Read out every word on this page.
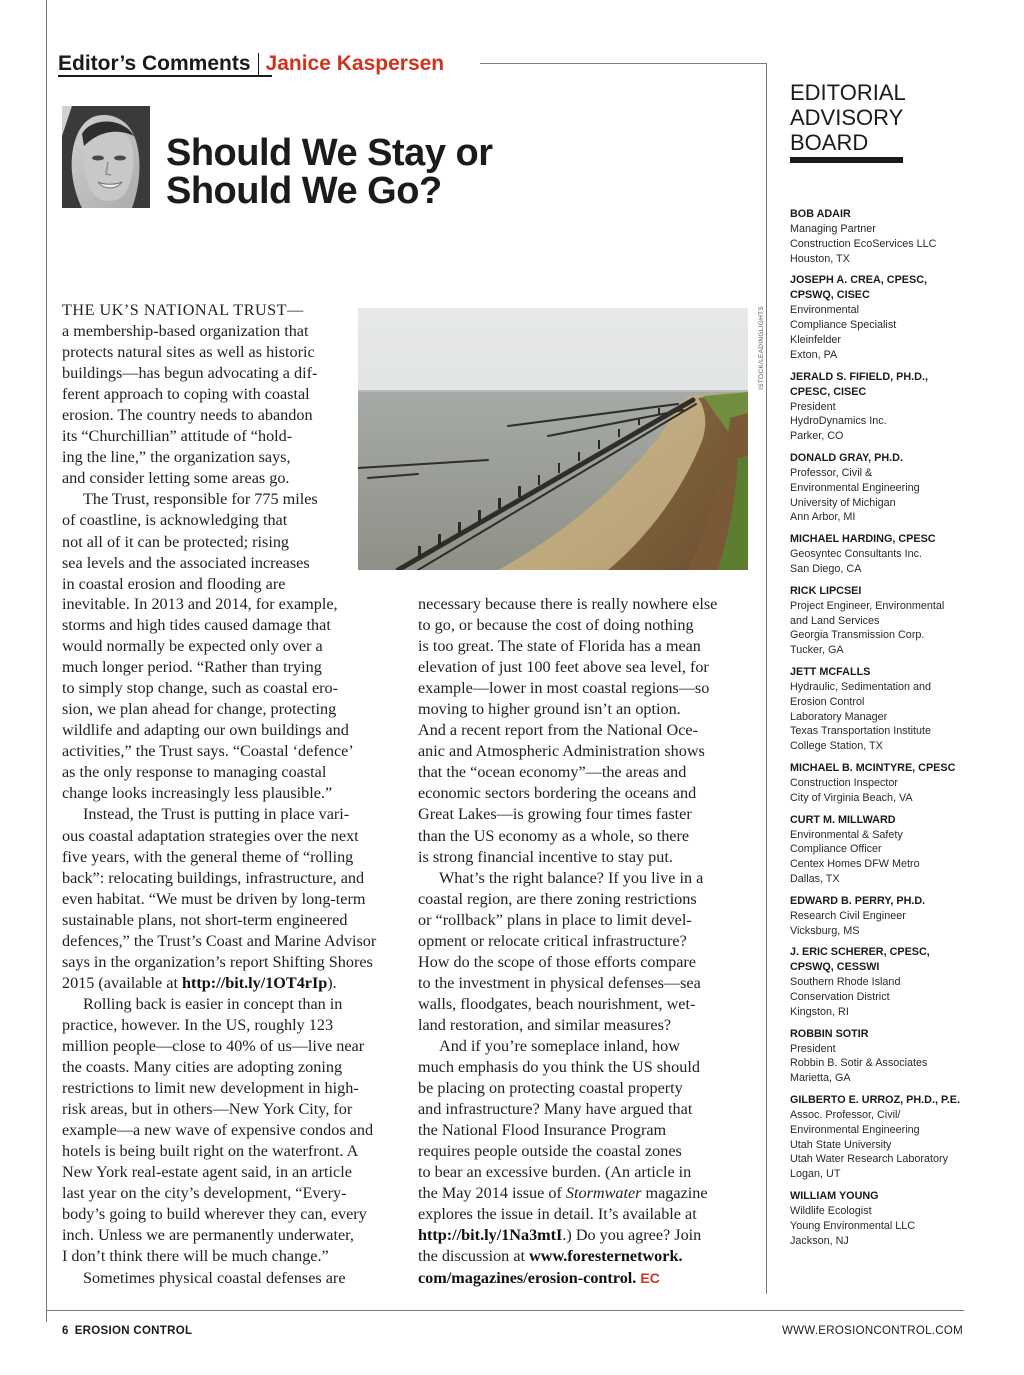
Editor’s Comments Janice Kaspersen
Should We Stay or
Should We Go?
ISTOCK/LEADINGLIGHTS
THE UK’S NATIONAL TRUST—
a membership-based organization that
protects natural sites as well as historic
buildings—has begun advocating a dif-
ferent approach to coping with coastal
erosion. The country needs to abandon
its “Churchillian” attitude of “hold-
ing the line,” the organization says,
and consider letting some areas go.
The Trust, responsible for 775 miles
of coastline, is acknowledging that
not all of it can be protected; rising
sea levels and the associated increases
in coastal erosion and flooding are
inevitable. In 2013 and 2014, for example,
storms and high tides caused damage that
would normally be expected only over a
much longer period. “Rather than trying
to simply stop change, such as coastal ero-
sion, we plan ahead for change, protecting
wildlife and adapting our own buildings and
activities,” the Trust says. “Coastal ‘defence’
as the only response to managing coastal
change looks increasingly less plausible.”
Instead, the Trust is putting in place vari-
ous coastal adaptation strategies over the next
five years, with the general theme of “rolling
back”: relocating buildings, infrastructure, and
even habitat. “We must be driven by long-term
sustainable plans, not short-term engineered
defences,” the Trust’s Coast and Marine Advisor
says in the organization’s report Shifting Shores
2015 (available at http://bit.ly/1OT4rIp).
Rolling back is easier in concept than in
practice, however. In the US, roughly 123
million people—close to 40% of us—live near
the coasts. Many cities are adopting zoning
restrictions to limit new development in high-
risk areas, but in others—New York City, for
example—a new wave of expensive condos and
hotels is being built right on the waterfront. A
New York real-estate agent said, in an article
last year on the city’s development, “Every-
body’s going to build wherever they can, every
inch. Unless we are permanently underwater,
I don’t think there will be much change.”
Sometimes physical coastal defenses are
necessary because there is really nowhere else
to go, or because the cost of doing nothing
is too great. The state of Florida has a mean
elevation of just 100 feet above sea level, for
example—lower in most coastal regions—so
moving to higher ground isn’t an option.
And a recent report from the National Oce-
anic and Atmospheric Administration shows
that the “ocean economy”—the areas and
economic sectors bordering the oceans and
Great Lakes—is growing four times faster
than the US economy as a whole, so there
is strong financial incentive to stay put.
What’s the right balance? If you live in a
coastal region, are there zoning restrictions
or “rollback” plans in place to limit devel-
opment or relocate critical infrastructure?
How do the scope of those efforts compare
to the investment in physical defenses—sea
walls, floodgates, beach nourishment, wet-
land restoration, and similar measures?
And if you’re someplace inland, how
much emphasis do you think the US should
be placing on protecting coastal property
and infrastructure? Many have argued that
the National Flood Insurance Program
requires people outside the coastal zones
to bear an excessive burden. (An article in
the May 2014 issue of Stormwater magazine
explores the issue in detail. It’s available at
http://bit.ly/1Na3mtI.) Do you agree? Join
the discussion at www.foresternetwork.
com/magazines/erosion-control. EC
EDITORIAL
ADVISORY
BOARD
BOB ADAIR
Managing Partner
Construction EcoServices LLC
Houston, TX
JOSEPH A. CREA, CPESC,
CPSWQ, CISEC
Environmental
Compliance Specialist
Kleinfelder
Exton, PA
JERALD S. FIFIELD, PH.D.,
CPESC, CISEC
President
HydroDynamics Inc.
Parker, CO
DONALD GRAY, PH.D.
Professor, Civil &
Environmental Engineering
University of Michigan
Ann Arbor, MI
MICHAEL HARDING, CPESC
Geosyntec Consultants Inc.
San Diego, CA
RICK LIPCSEI
Project Engineer, Environmental
and Land Services
Georgia Transmission Corp.
Tucker, GA
JETT MCFALLS
Hydraulic, Sedimentation and
Erosion Control
Laboratory Manager
Texas Transportation Institute
College Station, TX
MICHAEL B. MCINTYRE, CPESC
Construction Inspector
City of Virginia Beach, VA
CURT M. MILLWARD
Environmental & Safety
Compliance Officer
Centex Homes DFW Metro
Dallas, TX
EDWARD B. PERRY, PH.D.
Research Civil Engineer
Vicksburg, MS
J. ERIC SCHERER, CPESC,
CPSWQ, CESSWI
Southern Rhode Island
Conservation District
Kingston, RI
ROBBIN SOTIR
President
Robbin B. Sotir & Associates
Marietta, GA
GILBERTO E. URROZ, PH.D., P.E.
Assoc. Professor, Civil/
Environmental Engineering
Utah State University
Utah Water Research Laboratory
Logan, UT
WILLIAM YOUNG
Wildlife Ecologist
Young Environmental LLC
Jackson, NJ
6 EROSION CONTROL	WWW.EROSIONCONTROL.COM
